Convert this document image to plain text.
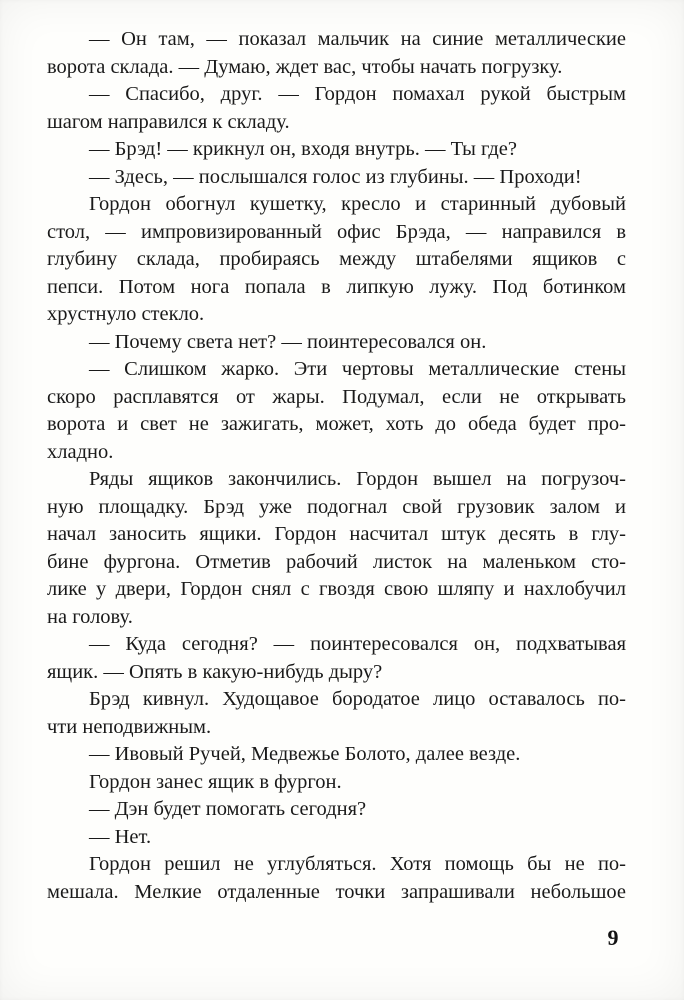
— Он там, — показал мальчик на синие металлические
ворота склада. — Думаю, ждет вас, чтобы начать погрузку.
— Спасибо, друг. — Гордон помахал рукой быстрым
шагом направился к складу.
— Брэд! — крикнул он, входя внутрь. — Ты где?
— Здесь, — послышался голос из глубины. — Проходи!
Гордон обогнул кушетку, кресло и старинный дубовый
стол, — импровизированный офис Брэда, — направился в
глубину склада, пробираясь между штабелями ящиков с
пепси. Потом нога попала в липкую лужу. Под ботинком
хрустнуло стекло.
— Почему света нет? — поинтересовался он.
— Слишком жарко. Эти чертовы металлические стены
скоро расплавятся от жары. Подумал, если не открывать
ворота и свет не зажигать, может, хоть до обеда будет про-
хладно.
Ряды ящиков закончились. Гордон вышел на погрузоч-
ную площадку. Брэд уже подогнал свой грузовик залом и
начал заносить ящики. Гордон насчитал штук десять в глу-
бине фургона. Отметив рабочий листок на маленьком сто-
лике у двери, Гордон снял с гвоздя свою шляпу и нахлобучил
на голову.
— Куда сегодня? — поинтересовался он, подхватывая
ящик. — Опять в какую-нибудь дыру?
Брэд кивнул. Худощавое бородатое лицо оставалось по-
чти неподвижным.
— Ивовый Ручей, Медвежье Болото, далее везде.
Гордон занес ящик в фургон.
— Дэн будет помогать сегодня?
— Нет.
Гордон решил не углубляться. Хотя помощь бы не по-
мешала. Мелкие отдаленные точки запрашивали небольшое
9
